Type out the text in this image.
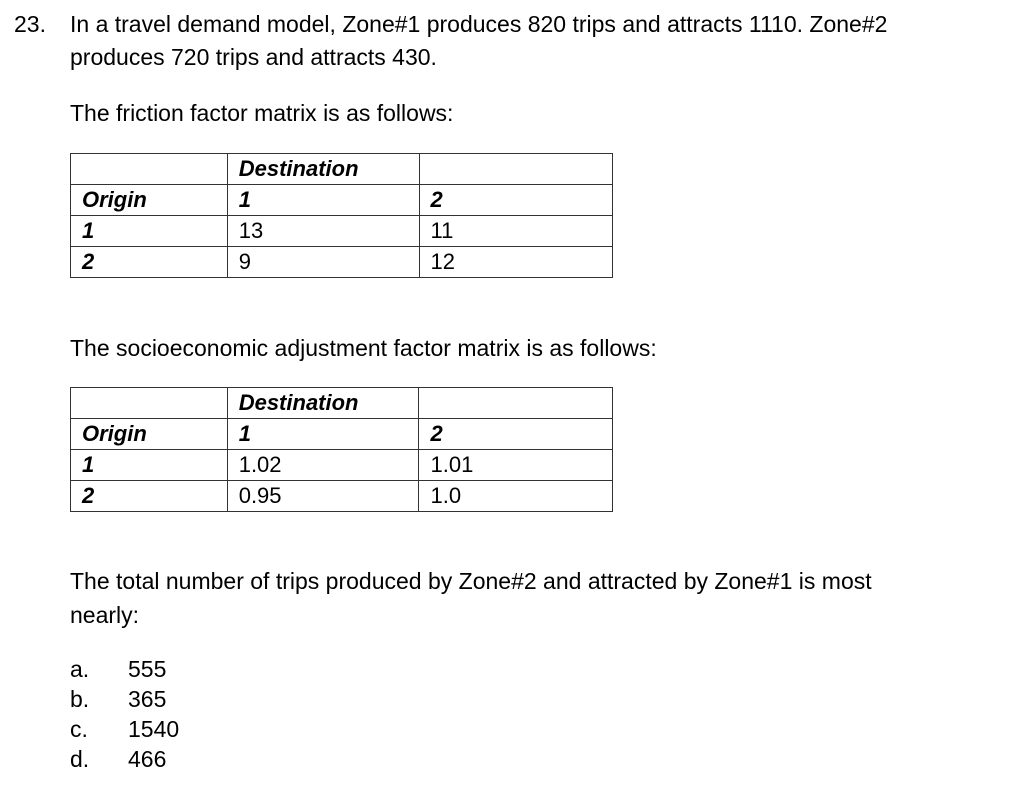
23. In a travel demand model, Zone#1 produces 820 trips and attracts 1110. Zone#2
produces 720 trips and attracts 430.
The friction factor matrix is as follows:
	Destination	
Origin	1	2
1	13	11
2	9	12
The socioeconomic adjustment factor matrix is as follows:
	Destination	
Origin	1	2
1	1.02	1.01
2	0.95	1.0
The total number of trips produced by Zone#2 and attracted by Zone#1 is most
nearly:
a.	555
b.	365
c.	1540
d.	466
